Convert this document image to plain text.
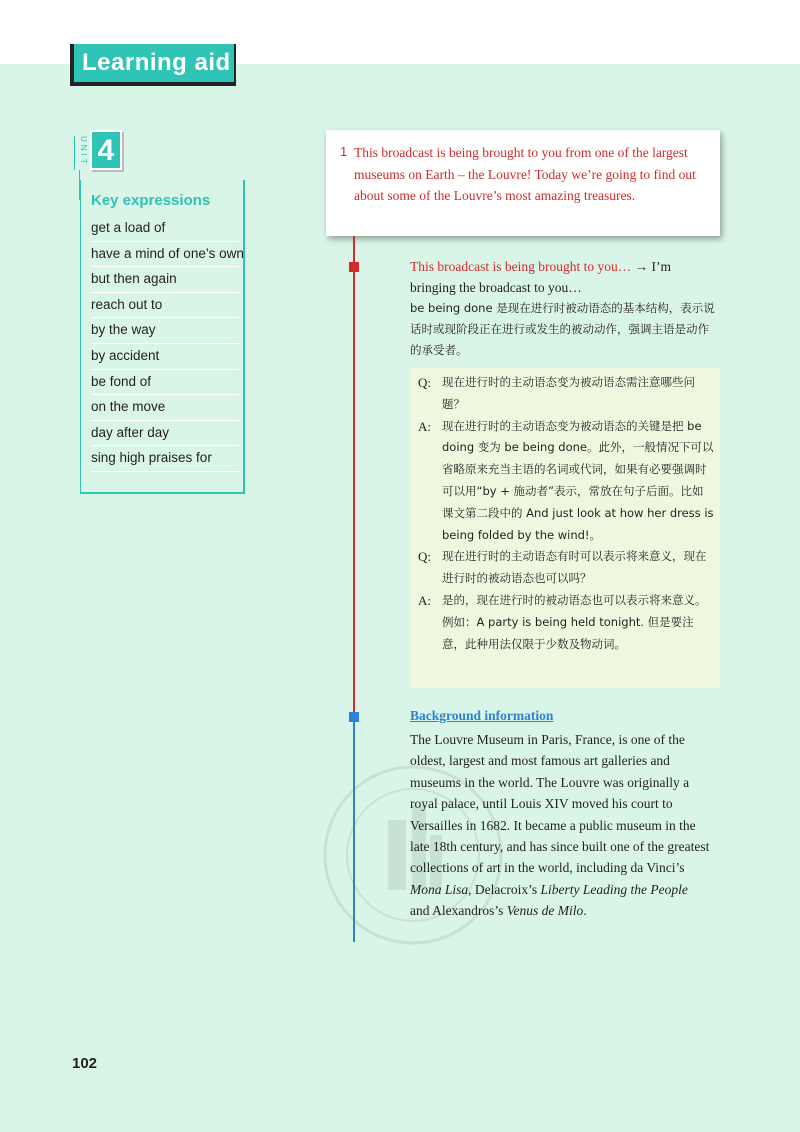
Learning aid
UNIT 4
Key expressions
get a load of
have a mind of one’s own
but then again
reach out to
by the way
by accident
be fond of
on the move
day after day
sing high praises for
1 This broadcast is being brought to you from one of the largest museums on Earth – the Louvre! Today we’re going to find out about some of the Louvre’s most amazing treasures.
This broadcast is being brought to you… → I’m bringing the broadcast to you…
be being done 是现在进行时被动语态的基本结构，表示说话时或现阶段正在进行或发生的被动动作，强调主语是动作的承受者。
Q: 现在进行时的主动语态变为被动语态需注意哪些问题？
A: 现在进行时的主动语态变为被动语态的关键是把 be doing 变为 be being done。此外，一般情况下可以省略原来充当主语的名词或代词，如果有必要强调时可以用“by + 施动者”表示，常放在句子后面。比如课文第二段中的 And just look at how her dress is being folded by the wind!。
Q: 现在进行时的主动语态有时可以表示将来意义，现在进行时的被动语态也可以吗？
A: 是的，现在进行时的被动语态也可以表示将来意义。例如：A party is being held tonight. 但是要注意，此种用法仅限于少数及物动词。
Background information
The Louvre Museum in Paris, France, is one of the oldest, largest and most famous art galleries and museums in the world. The Louvre was originally a royal palace, until Louis XIV moved his court to Versailles in 1682. It became a public museum in the late 18th century, and has since built one of the greatest collections of art in the world, including da Vinci’s Mona Lisa, Delacroix’s Liberty Leading the People and Alexandros’s Venus de Milo.
102
